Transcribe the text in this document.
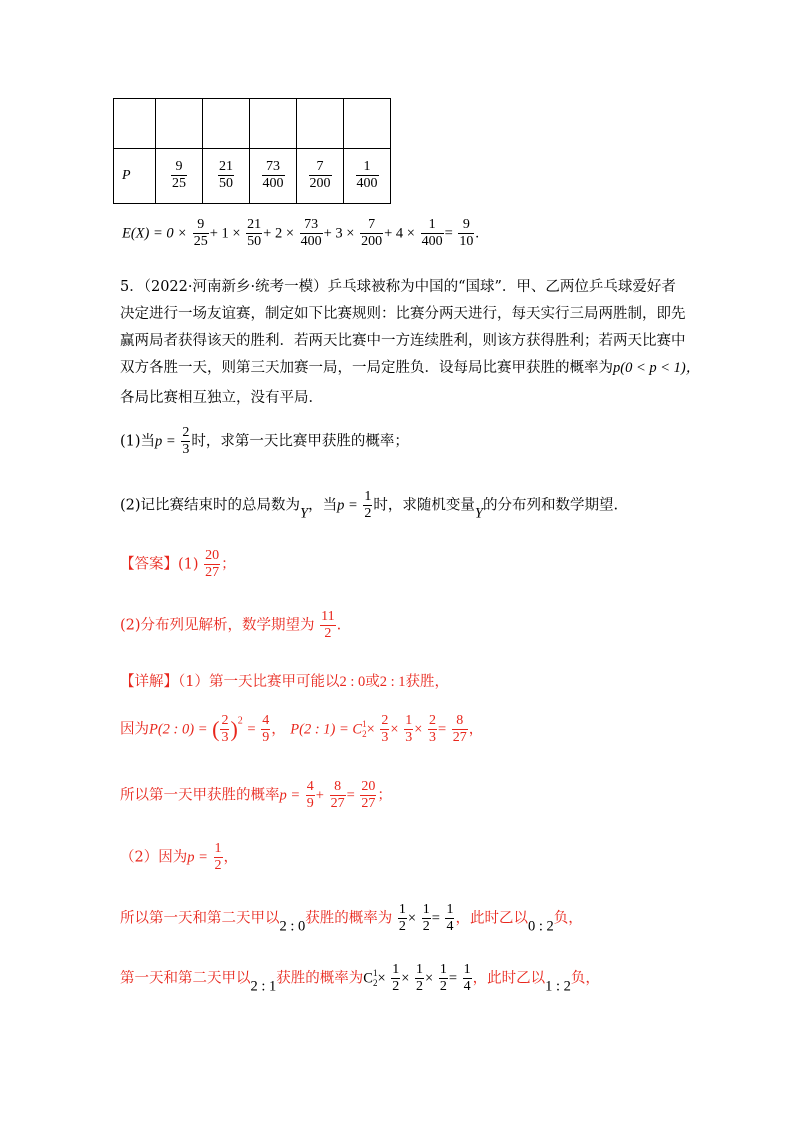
P	$\frac{9}{25}$	$\frac{21}{50}$	$\frac{73}{400}$	$\frac{7}{200}$	$\frac{1}{400}$
$E(X) = 0 \times \frac{9}{25} + 1 \times \frac{21}{50} + 2 \times \frac{73}{400} + 3 \times \frac{7}{200} + 4 \times \frac{1}{400} = \frac{9}{10}$ .
5．（2022·河南新乡·统考一模）乒乓球被称为中国的“国球”．甲、乙两位乒乓球爱好者
决定进行一场友谊赛，制定如下比赛规则：比赛分两天进行，每天实行三局两胜制，即先
赢两局者获得该天的胜利．若两天比赛中一方连续胜利，则该方获得胜利；若两天比赛中
双方各胜一天，则第三天加赛一局，一局定胜负．设每局比赛甲获胜的概率为p(0 < p < 1)，
各局比赛相互独立，没有平局．
(1)当$p = \frac{2}{3}$ 时，求第一天比赛甲获胜的概率；
(2)记比赛结束时的总局数为Y，当$p = \frac{1}{2}$ 时，求随机变量Y的分布列和数学期望.
【答案】$(1) \frac{20}{27}$ ；
(2)分布列见解析，数学期望为 $\frac{11}{2}$ .
【详解】（1）第一天比赛甲可能以2 : 0或2 : 1获胜，
因为P(2 : 0) = ( $\frac{2}{3} )^2 = \frac{4}{9}$ ， P(2 : 1) = C 1
$2 \times \frac{2}{3} \times \frac{1}{3} \times \frac{2}{3} = \frac{8}{27}$ ，
所以第一天甲获胜的概率$p = \frac{4}{9} + \frac{8}{27} = \frac{20}{27}$ ；
（2）因为$p = \frac{1}{2}$ ，
所以第一天和第二天甲以2 : 0获胜的概率为 $\frac{1}{2} \times \frac{1}{2} = \frac{1}{4}$ ，此时乙以0 : 2负，
第一天和第二天甲以2 : 1获胜的概率为C 1
$2 \times \frac{1}{2} \times \frac{1}{2} \times \frac{1}{2} = \frac{1}{4}$ ，此时乙以1 : 2负，
